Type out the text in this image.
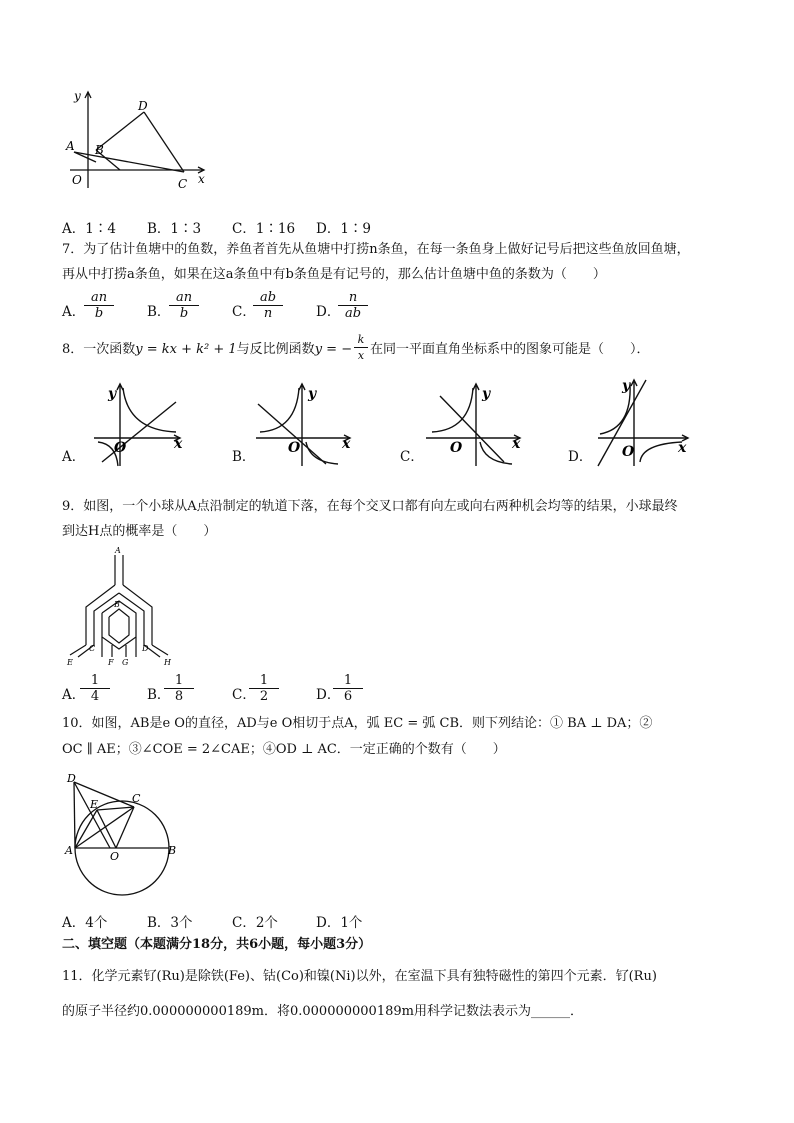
y
D
A B
O	C x
A．1∶4 B．1∶3 C．1∶16 D．1∶9
7．为了估计鱼塘中的鱼数，养鱼者首先从鱼塘中打捞n条鱼，在每一条鱼身上做好记号后把这些鱼放回鱼塘，
再从中打捞a条鱼，如果在这a条鱼中有b条鱼是有记号的，那么估计鱼塘中鱼的条数为（　　）
A．
$\frac{an}{b}$ B．
$\frac{an}{b}$ C．
$\frac{ab}{n}$ D．
$\frac{n}{ab}$
8．一次函数y = kx + k² + 1与反比例函数y = − $\frac{k}{x}$ 在同一平面直角坐标系中的图象可能是（　　）．
y
O	x
y
O	x
y
O	x
y
O	x
A．	B．	C．	D．
9．如图，一个小球从A点沿制定的轨道下落，在每个交叉口都有向左或向右两种机会均等的结果，小球最终
到达H点的概率是（　　）
A
B
C	D
E	F G	H
A．
$\frac{1}{4}$	B．
$\frac{1}{8}$	C．
$\frac{1}{2}$	D．
$\frac{1}{6}$
10．如图，AB是e O的直径，AD与e O相切于点A，弧 EC = 弧 CB．则下列结论：① BA ⊥ DA；②
OC ∥ AE；③∠COE = 2∠CAE；④OD ⊥ AC．一定正确的个数有（　　）
D
E	C
A	O	B
A．4个	B．3个	C．2个	D．1个
二、填空题（本题满分18分，共6小题，每小题3分）
11．化学元素钌(Ru)是除铁(Fe)、钴(Co)和镍(Ni)以外，在室温下具有独特磁性的第四个元素．钌(Ru)
的原子半径约0.000000000189m．将0.000000000189m用科学记数法表示为______．
